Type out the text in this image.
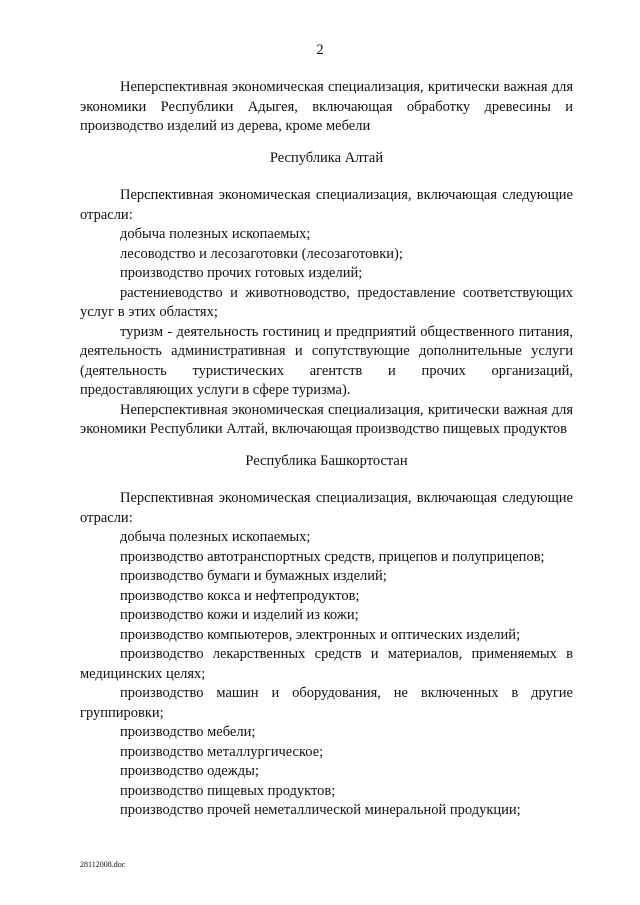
2

Неперспективная экономическая специализация, критически важная для экономики Республики Адыгея, включающая обработку древесины и производство изделий из дерева, кроме мебели

Республика Алтай

Перспективная экономическая специализация, включающая следующие отрасли:

добыча полезных ископаемых;

лесоводство и лесозаготовки (лесозаготовки);

производство прочих готовых изделий;

растениеводство и животноводство, предоставление соответствующих услуг в этих областях;

туризм - деятельность гостиниц и предприятий общественного питания, деятельность административная и сопутствующие дополнительные услуги (деятельность туристических агентств и прочих организаций, предоставляющих услуги в сфере туризма).

Неперспективная экономическая специализация, критически важная для экономики Республики Алтай, включающая производство пищевых продуктов

Республика Башкортостан

Перспективная экономическая специализация, включающая следующие отрасли:

добыча полезных ископаемых;

производство автотранспортных средств, прицепов и полуприцепов;

производство бумаги и бумажных изделий;

производство кокса и нефтепродуктов;

производство кожи и изделий из кожи;

производство компьютеров, электронных и оптических изделий;

производство лекарственных средств и материалов, применяемых в медицинских целях;

производство машин и оборудования, не включенных в другие группировки;

производство мебели;

производство металлургическое;

производство одежды;

производство пищевых продуктов;

производство прочей неметаллической минеральной продукции;

28112008.doc
